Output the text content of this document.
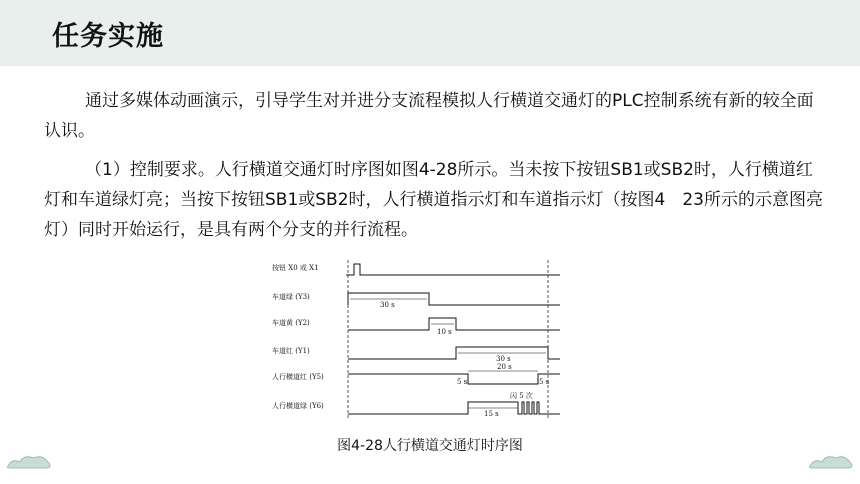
任务实施
通过多媒体动画演示，引导学生对并进分支流程模拟人行横道交通灯的PLC控制系统有新的较全面认识。
（1）控制要求。人行横道交通灯时序图如图4-28所示。当未按下按钮SB1或SB2时，人行横道红灯和车道绿灯亮；当按下按钮SB1或SB2时，人行横道指示灯和车道指示灯（按图4　23所示的示意图亮灯）同时开始运行，是具有两个分支的并行流程。
按钮 X0 或 X1
车道绿 (Y3)
车道黄 (Y2)
车道红 (Y1)
人行横道红 (Y5)
人行横道绿 (Y6)
30 s
10 s
30 s
5 s
20 s
5 s
15 s
闪 5 次
图4-28人行横道交通灯时序图
